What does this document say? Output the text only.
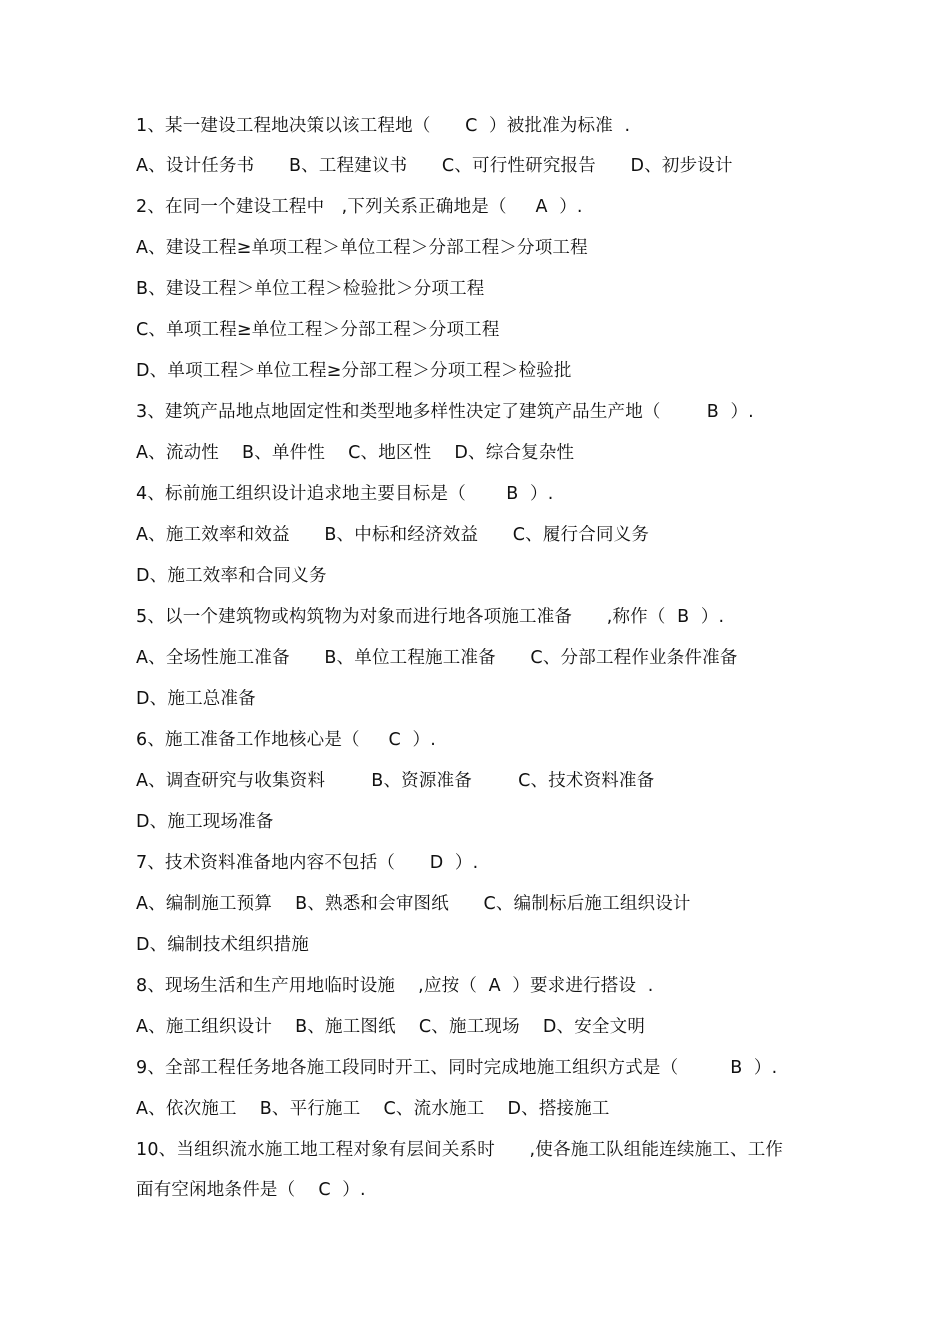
1、某一建设工程地决策以该工程地（      C  ）被批准为标准  .

A、设计任务书      B、工程建议书      C、可行性研究报告      D、初步设计

2、在同一个建设工程中   ,下列关系正确地是（     A  ）.

A、建设工程≥单项工程＞单位工程＞分部工程＞分项工程

B、建设工程＞单位工程＞检验批＞分项工程

C、单项工程≥单位工程＞分部工程＞分项工程

D、单项工程＞单位工程≥分部工程＞分项工程＞检验批

3、建筑产品地点地固定性和类型地多样性决定了建筑产品生产地（        B  ）.

A、流动性    B、单件性    C、地区性    D、综合复杂性

4、标前施工组织设计追求地主要目标是（       B  ）.

A、施工效率和效益      B、中标和经济效益      C、履行合同义务

D、施工效率和合同义务

5、以一个建筑物或构筑物为对象而进行地各项施工准备      ,称作（  B  ）.

A、全场性施工准备      B、单位工程施工准备      C、分部工程作业条件准备

D、施工总准备

6、施工准备工作地核心是（     C  ）.

A、调查研究与收集资料        B、资源准备        C、技术资料准备

D、施工现场准备

7、技术资料准备地内容不包括（      D  ）.

A、编制施工预算    B、熟悉和会审图纸      C、编制标后施工组织设计

D、编制技术组织措施

8、现场生活和生产用地临时设施    ,应按（  A  ）要求进行搭设  .

A、施工组织设计    B、施工图纸    C、施工现场    D、安全文明

9、全部工程任务地各施工段同时开工、同时完成地施工组织方式是（         B  ）.

A、依次施工    B、平行施工    C、流水施工    D、搭接施工

10、当组织流水施工地工程对象有层间关系时      ,使各施工队组能连续施工、工作

面有空闲地条件是（    C  ）.
